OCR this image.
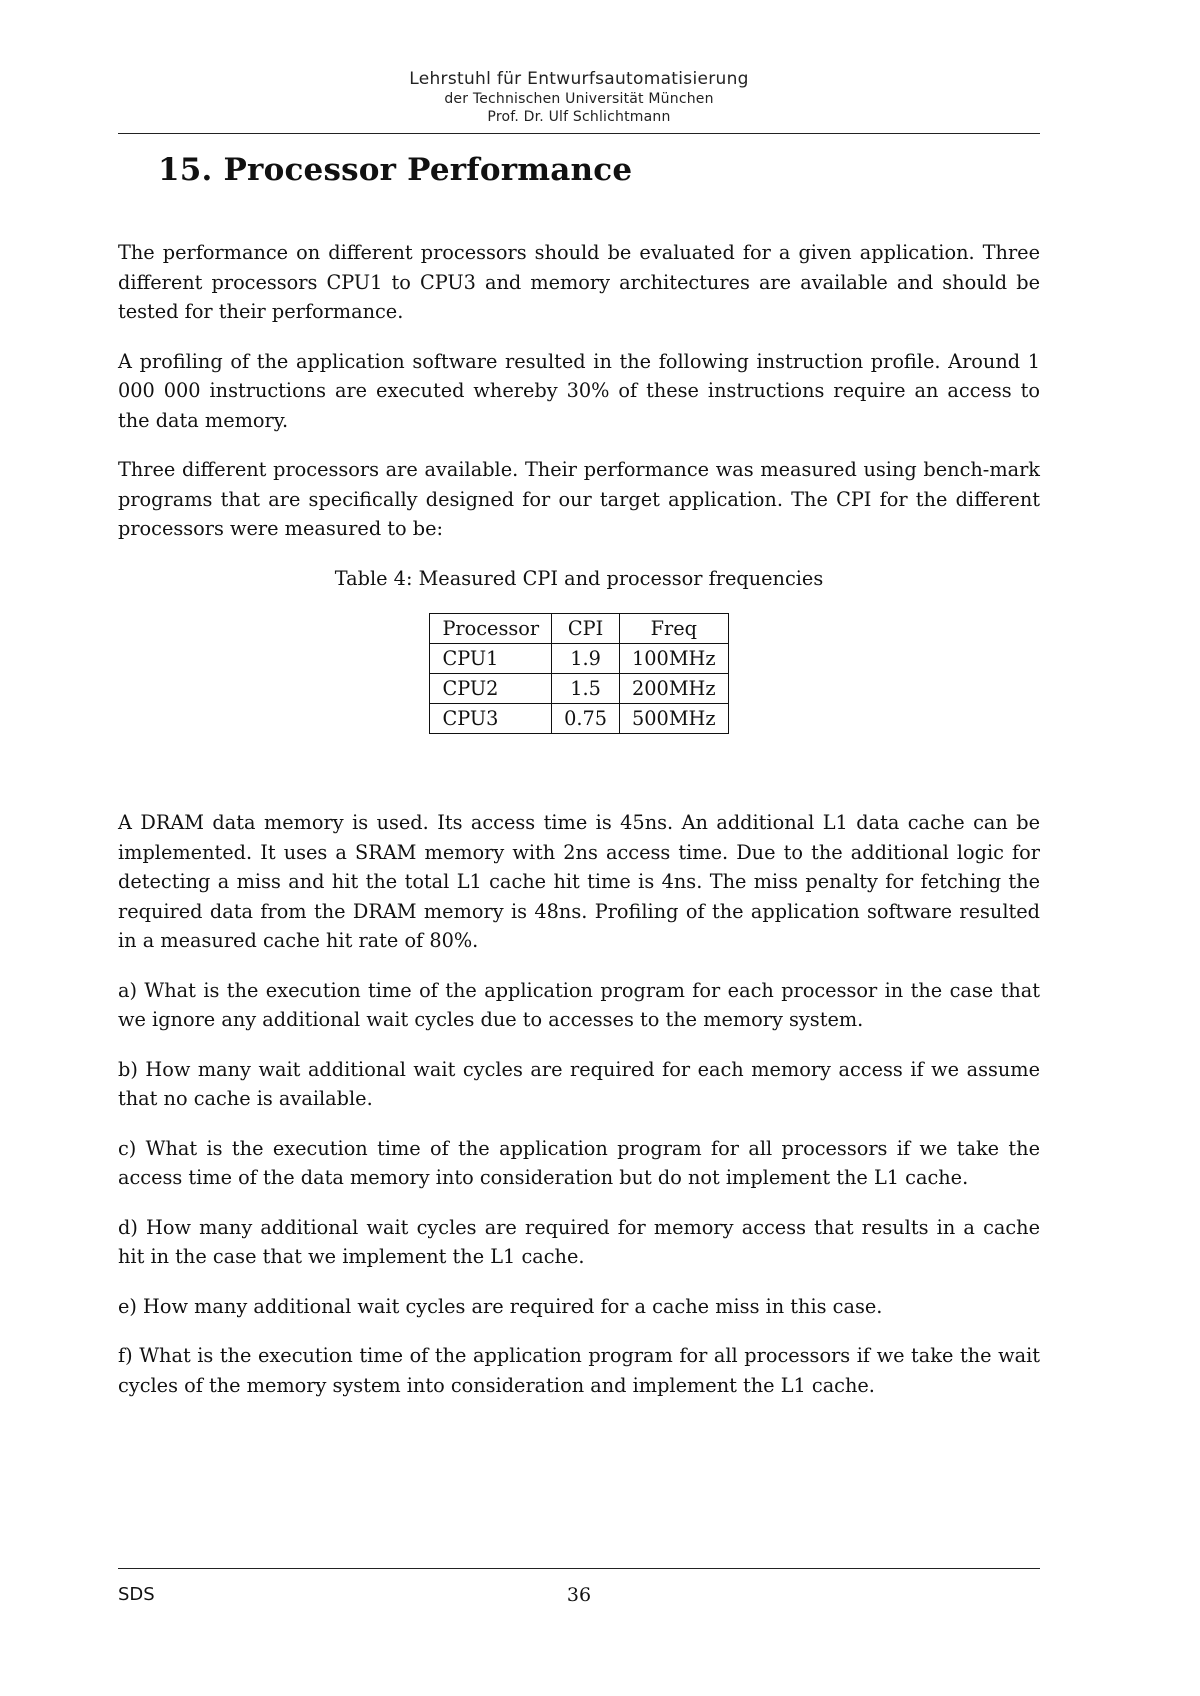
Lehrstuhl für Entwurfsautomatisierung
der Technischen Universität München
Prof. Dr. Ulf Schlichtmann
15. Processor Performance

The performance on different processors should be evaluated for a given application. Three different processors CPU1 to CPU3 and memory architectures are available and should be tested for their performance.

A profiling of the application software resulted in the following instruction profile. Around 1 000 000 instructions are executed whereby 30% of these instructions require an access to the data memory.

Three different processors are available. Their performance was measured using bench-mark programs that are specifically designed for our target application. The CPI for the different processors were measured to be:

Table 4: Measured CPI and processor frequencies
Processor	CPI	Freq
CPU1	1.9	100MHz
CPU2	1.5	200MHz
CPU3	0.75	500MHz

A DRAM data memory is used. Its access time is 45ns. An additional L1 data cache can be implemented. It uses a SRAM memory with 2ns access time. Due to the additional logic for detecting a miss and hit the total L1 cache hit time is 4ns. The miss penalty for fetching the required data from the DRAM memory is 48ns. Profiling of the application software resulted in a measured cache hit rate of 80%.

a) What is the execution time of the application program for each processor in the case that we ignore any additional wait cycles due to accesses to the memory system.

b) How many wait additional wait cycles are required for each memory access if we assume that no cache is available.

c) What is the execution time of the application program for all processors if we take the access time of the data memory into consideration but do not implement the L1 cache.

d) How many additional wait cycles are required for memory access that results in a cache hit in the case that we implement the L1 cache.

e) How many additional wait cycles are required for a cache miss in this case.

f) What is the execution time of the application program for all processors if we take the wait cycles of the memory system into consideration and implement the L1 cache.

SDS	36
